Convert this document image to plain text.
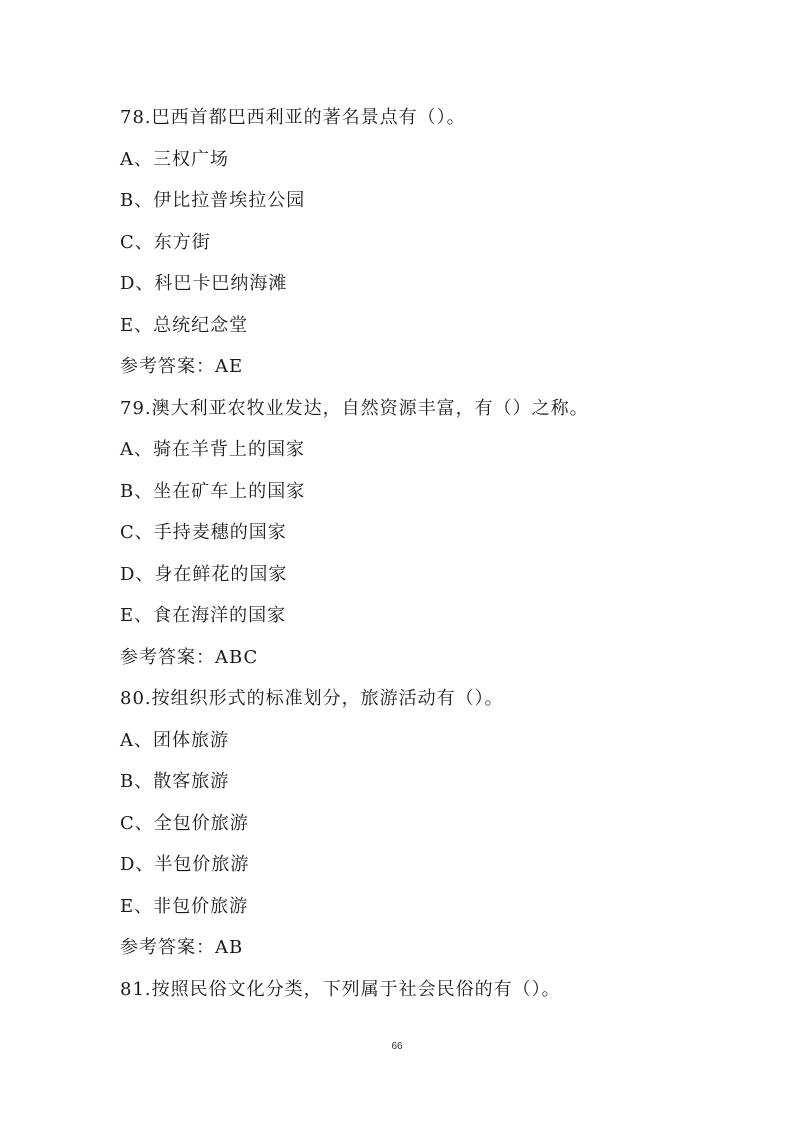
78.巴西首都巴西利亚的著名景点有（）。
A、三权广场
B、伊比拉普埃拉公园
C、东方街
D、科巴卡巴纳海滩
E、总统纪念堂
参考答案：AE
79.澳大利亚农牧业发达，自然资源丰富，有（）之称。
A、骑在羊背上的国家
B、坐在矿车上的国家
C、手持麦穗的国家
D、身在鲜花的国家
E、食在海洋的国家
参考答案：ABC
80.按组织形式的标准划分，旅游活动有（）。
A、团体旅游
B、散客旅游
C、全包价旅游
D、半包价旅游
E、非包价旅游
参考答案：AB
81.按照民俗文化分类，下列属于社会民俗的有（）。
66
